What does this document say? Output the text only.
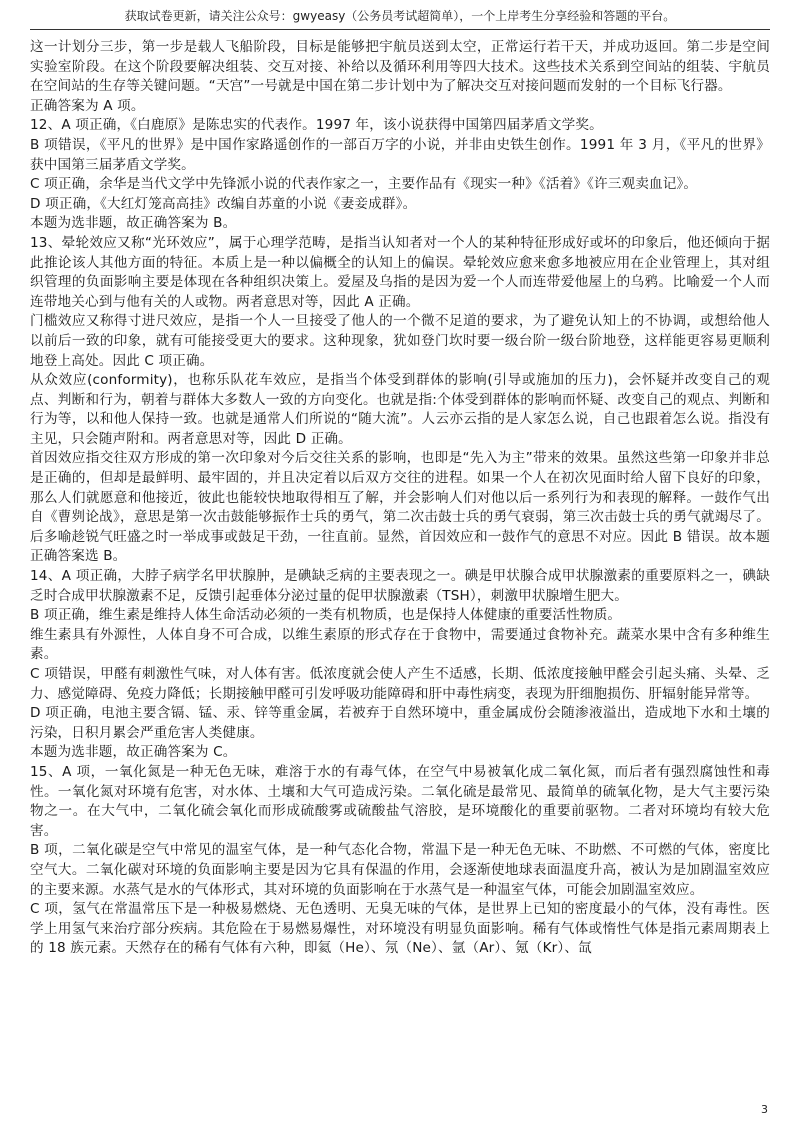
获取试卷更新，请关注公众号：gwyeasy（公务员考试超简单），一个上岸考生分享经验和答题的平台。

这一计划分三步，第一步是载人飞船阶段，目标是能够把宇航员送到太空，正常运行若干天，并成功返回。第二步是空间实验室阶段。在这个阶段要解决组装、交互对接、补给以及循环利用等四大技术。这些技术关系到空间站的组装、宇航员在空间站的生存等关键问题。“天宫”一号就是中国在第二步计划中为了解决交互对接问题而发射的一个目标飞行器。

正确答案为 A 项。

12、A 项正确，《白鹿原》是陈忠实的代表作。1997 年，该小说获得中国第四届茅盾文学奖。

B 项错误，《平凡的世界》是中国作家路遥创作的一部百万字的小说，并非由史铁生创作。1991 年 3 月，《平凡的世界》获中国第三届茅盾文学奖。

C 项正确，余华是当代文学中先锋派小说的代表作家之一，主要作品有《现实一种》《活着》《许三观卖血记》。

D 项正确，《大红灯笼高高挂》改编自苏童的小说《妻妾成群》。

本题为选非题，故正确答案为 B。

13、晕轮效应又称“光环效应”，属于心理学范畴，是指当认知者对一个人的某种特征形成好或坏的印象后，他还倾向于据此推论该人其他方面的特征。本质上是一种以偏概全的认知上的偏误。晕轮效应愈来愈多地被应用在企业管理上，其对组织管理的负面影响主要是体现在各种组织决策上。爱屋及乌指的是因为爱一个人而连带爱他屋上的乌鸦。比喻爱一个人而连带地关心到与他有关的人或物。两者意思对等，因此 A 正确。

门槛效应又称得寸进尺效应，是指一个人一旦接受了他人的一个微不足道的要求，为了避免认知上的不协调，或想给他人以前后一致的印象，就有可能接受更大的要求。这种现象，犹如登门坎时要一级台阶一级台阶地登，这样能更容易更顺利地登上高处。因此 C 项正确。

从众效应(conformity)，也称乐队花车效应，是指当个体受到群体的影响(引导或施加的压力)，会怀疑并改变自己的观点、判断和行为，朝着与群体大多数人一致的方向变化。也就是指:个体受到群体的影响而怀疑、改变自己的观点、判断和行为等，以和他人保持一致。也就是通常人们所说的“随大流”。人云亦云指的是人家怎么说，自己也跟着怎么说。指没有主见，只会随声附和。两者意思对等，因此 D 正确。

首因效应指交往双方形成的第一次印象对今后交往关系的影响，也即是“先入为主”带来的效果。虽然这些第一印象并非总是正确的，但却是最鲜明、最牢固的，并且决定着以后双方交往的进程。如果一个人在初次见面时给人留下良好的印象，那么人们就愿意和他接近，彼此也能较快地取得相互了解，并会影响人们对他以后一系列行为和表现的解释。一鼓作气出自《曹刿论战》，意思是第一次击鼓能够振作士兵的勇气，第二次击鼓士兵的勇气衰弱，第三次击鼓士兵的勇气就竭尽了。后多喻趁锐气旺盛之时一举成事或鼓足干劲，一往直前。显然，首因效应和一鼓作气的意思不对应。因此 B 错误。故本题正确答案选 B。

14、A 项正确，大脖子病学名甲状腺肿，是碘缺乏病的主要表现之一。碘是甲状腺合成甲状腺激素的重要原料之一，碘缺乏时合成甲状腺激素不足，反馈引起垂体分泌过量的促甲状腺激素（TSH），刺激甲状腺增生肥大。

B 项正确，维生素是维持人体生命活动必须的一类有机物质，也是保持人体健康的重要活性物质。

维生素具有外源性，人体自身不可合成，以维生素原的形式存在于食物中，需要通过食物补充。蔬菜水果中含有多种维生素。

C 项错误，甲醛有刺激性气味，对人体有害。低浓度就会使人产生不适感，长期、低浓度接触甲醛会引起头痛、头晕、乏力、感觉障碍、免疫力降低；长期接触甲醛可引发呼吸功能障碍和肝中毒性病变，表现为肝细胞损伤、肝辐射能异常等。

D 项正确，电池主要含镉、锰、汞、锌等重金属，若被弃于自然环境中，重金属成份会随渗液溢出，造成地下水和土壤的污染，日积月累会严重危害人类健康。

本题为选非题，故正确答案为 C。

15、A 项，一氧化氮是一种无色无味，难溶于水的有毒气体，在空气中易被氧化成二氧化氮，而后者有强烈腐蚀性和毒性。一氧化氮对环境有危害，对水体、土壤和大气可造成污染。二氧化硫是最常见、最简单的硫氧化物，是大气主要污染物之一。在大气中，二氧化硫会氧化而形成硫酸雾或硫酸盐气溶胶，是环境酸化的重要前驱物。二者对环境均有较大危害。

B 项，二氧化碳是空气中常见的温室气体，是一种气态化合物，常温下是一种无色无味、不助燃、不可燃的气体，密度比空气大。二氧化碳对环境的负面影响主要是因为它具有保温的作用，会逐渐使地球表面温度升高，被认为是加剧温室效应的主要来源。水蒸气是水的气体形式，其对环境的负面影响在于水蒸气是一种温室气体，可能会加剧温室效应。

C 项，氢气在常温常压下是一种极易燃烧、无色透明、无臭无味的气体，是世界上已知的密度最小的气体，没有毒性。医学上用氢气来治疗部分疾病。其危险在于易燃易爆性，对环境没有明显负面影响。稀有气体或惰性气体是指元素周期表上的 18 族元素。天然存在的稀有气体有六种，即氦（He）、氖（Ne）、氩（Ar）、氪（Kr）、氙

3
